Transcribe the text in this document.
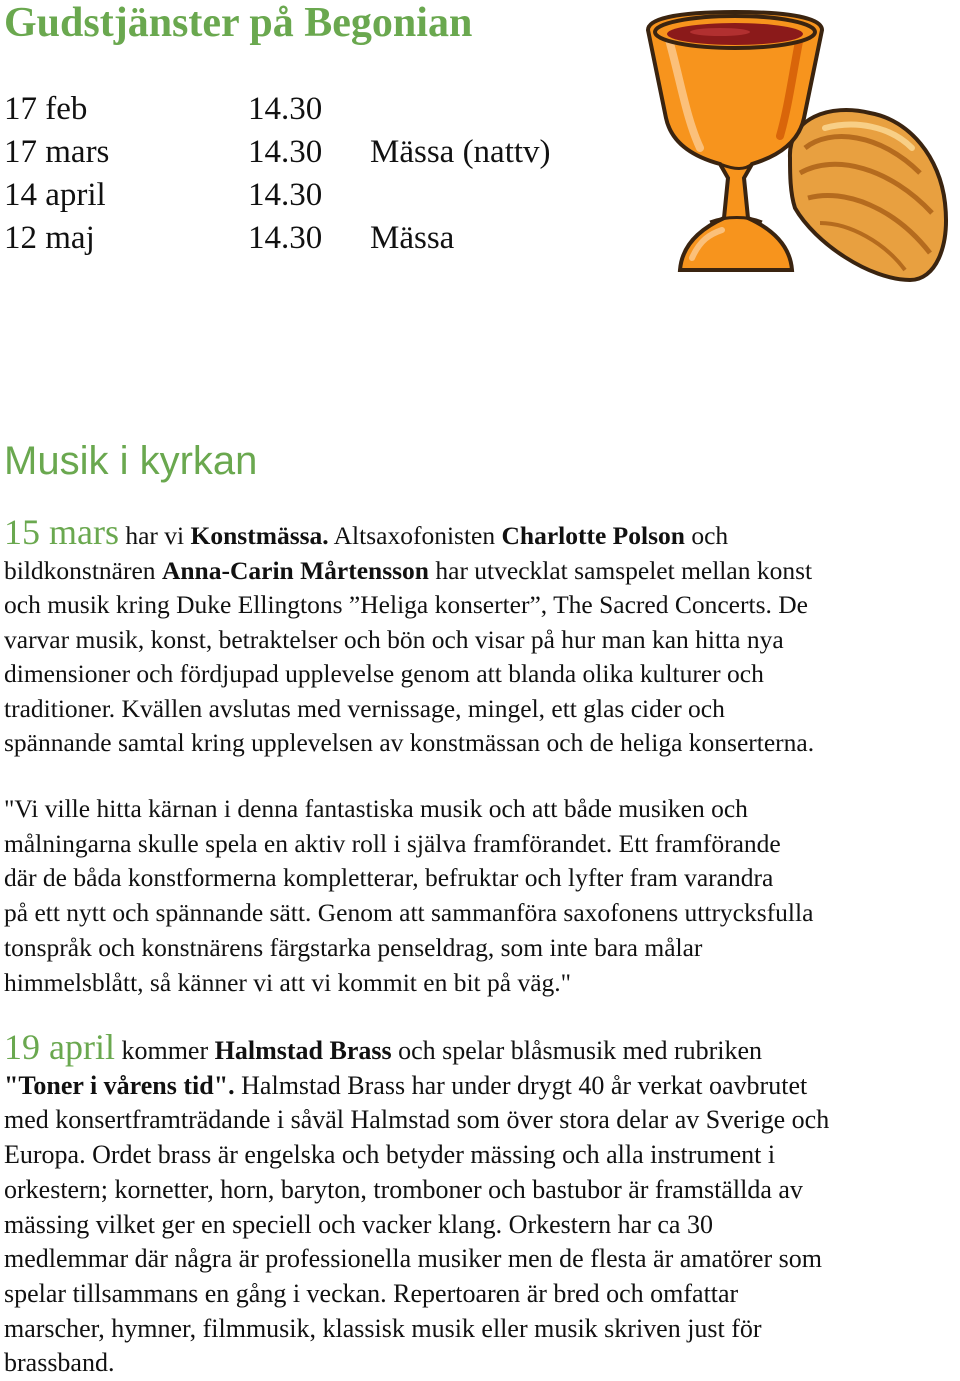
Gudstjänster på Begonian
17 feb	14.30
17 mars	14.30 Mässa (nattv)
14 april	14.30
12 maj	14.30 Mässa
Musik i kyrkan

15 mars har vi Konstmässa. Altsaxofonisten Charlotte Polson och
bildkonstnären Anna-Carin Mårtensson har utvecklat samspelet mellan konst
och musik kring Duke Ellingtons ”Heliga konserter”, The Sacred Concerts. De
varvar musik, konst, betraktelser och bön och visar på hur man kan hitta nya
dimensioner och fördjupad upplevelse genom att blanda olika kulturer och
traditioner. Kvällen avslutas med vernissage, mingel, ett glas cider och
spännande samtal kring upplevelsen av konstmässan och de heliga konserterna.

"Vi ville hitta kärnan i denna fantastiska musik och att både musiken och
målningarna skulle spela en aktiv roll i själva framförandet. Ett framförande
där de båda konstformerna kompletterar, befruktar och lyfter fram varandra
på ett nytt och spännande sätt. Genom att sammanföra saxofonens uttrycksfulla
tonspråk och konstnärens färgstarka penseldrag, som inte bara målar
himmelsblått, så känner vi att vi kommit en bit på väg."

19 april kommer Halmstad Brass och spelar blåsmusik med rubriken
"Toner i vårens tid". Halmstad Brass har under drygt 40 år verkat oavbrutet
med konsertframträdande i såväl Halmstad som över stora delar av Sverige och
Europa. Ordet brass är engelska och betyder mässing och alla instrument i
orkestern; kornetter, horn, baryton, tromboner och bastubor är framställda av
mässing vilket ger en speciell och vacker klang. Orkestern har ca 30
medlemmar där några är professionella musiker men de flesta är amatörer som
spelar tillsammans en gång i veckan. Repertoaren är bred och omfattar
marscher, hymner, filmmusik, klassisk musik eller musik skriven just för
brassband.
